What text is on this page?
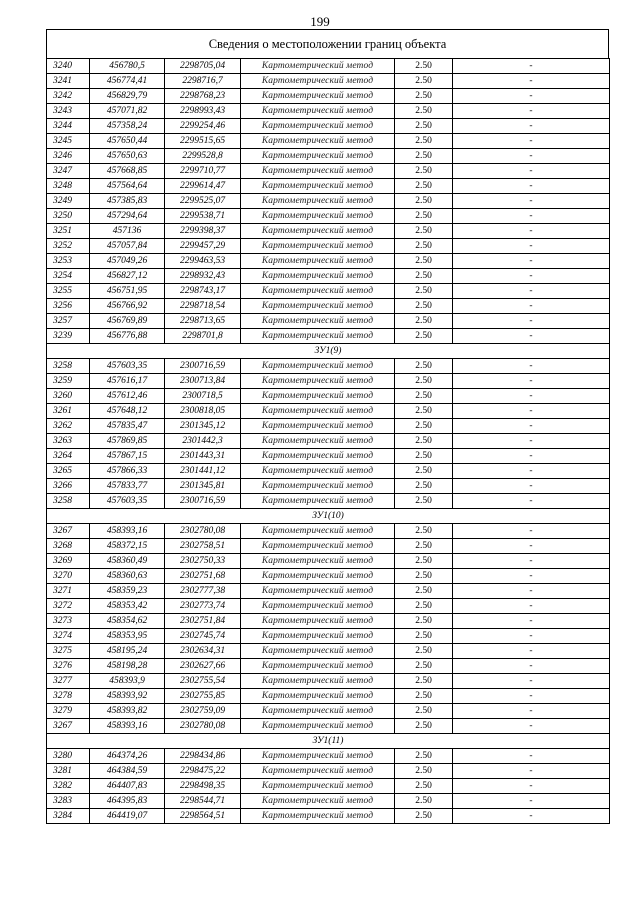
199
Сведения о местоположении границ объекта
3240	456780,5	2298705,04	Картометрический метод	2.50	-
3241	456774,41	2298716,7	Картометрический метод	2.50	-
3242	456829,79	2298768,23	Картометрический метод	2.50	-
3243	457071,82	2298993,43	Картометрический метод	2.50	-
3244	457358,24	2299254,46	Картометрический метод	2.50	-
3245	457650,44	2299515,65	Картометрический метод	2.50	-
3246	457650,63	2299528,8	Картометрический метод	2.50	-
3247	457668,85	2299710,77	Картометрический метод	2.50	-
3248	457564,64	2299614,47	Картометрический метод	2.50	-
3249	457385,83	2299525,07	Картометрический метод	2.50	-
3250	457294,64	2299538,71	Картометрический метод	2.50	-
3251	457136	2299398,37	Картометрический метод	2.50	-
3252	457057,84	2299457,29	Картометрический метод	2.50	-
3253	457049,26	2299463,53	Картометрический метод	2.50	-
3254	456827,12	2298932,43	Картометрический метод	2.50	-
3255	456751,95	2298743,17	Картометрический метод	2.50	-
3256	456766,92	2298718,54	Картометрический метод	2.50	-
3257	456769,89	2298713,65	Картометрический метод	2.50	-
3239	456776,88	2298701,8	Картометрический метод	2.50	-
ЗУ1(9)					
3258	457603,35	2300716,59	Картометрический метод	2.50	-
3259	457616,17	2300713,84	Картометрический метод	2.50	-
3260	457612,46	2300718,5	Картометрический метод	2.50	-
3261	457648,12	2300818,05	Картометрический метод	2.50	-
3262	457835,47	2301345,12	Картометрический метод	2.50	-
3263	457869,85	2301442,3	Картометрический метод	2.50	-
3264	457867,15	2301443,31	Картометрический метод	2.50	-
3265	457866,33	2301441,12	Картометрический метод	2.50	-
3266	457833,77	2301345,81	Картометрический метод	2.50	-
3258	457603,35	2300716,59	Картометрический метод	2.50	-
ЗУ1(10)					
3267	458393,16	2302780,08	Картометрический метод	2.50	-
3268	458372,15	2302758,51	Картометрический метод	2.50	-
3269	458360,49	2302750,33	Картометрический метод	2.50	-
3270	458360,63	2302751,68	Картометрический метод	2.50	-
3271	458359,23	2302777,38	Картометрический метод	2.50	-
3272	458353,42	2302773,74	Картометрический метод	2.50	-
3273	458354,62	2302751,84	Картометрический метод	2.50	-
3274	458353,95	2302745,74	Картометрический метод	2.50	-
3275	458195,24	2302634,31	Картометрический метод	2.50	-
3276	458198,28	2302627,66	Картометрический метод	2.50	-
3277	458393,9	2302755,54	Картометрический метод	2.50	-
3278	458393,92	2302755,85	Картометрический метод	2.50	-
3279	458393,82	2302759,09	Картометрический метод	2.50	-
3267	458393,16	2302780,08	Картометрический метод	2.50	-
ЗУ1(11)					
3280	464374,26	2298434,86	Картометрический метод	2.50	-
3281	464384,59	2298475,22	Картометрический метод	2.50	-
3282	464407,83	2298498,35	Картометрический метод	2.50	-
3283	464395,83	2298544,71	Картометрический метод	2.50	-
3284	464419,07	2298564,51	Картометрический метод	2.50	-
